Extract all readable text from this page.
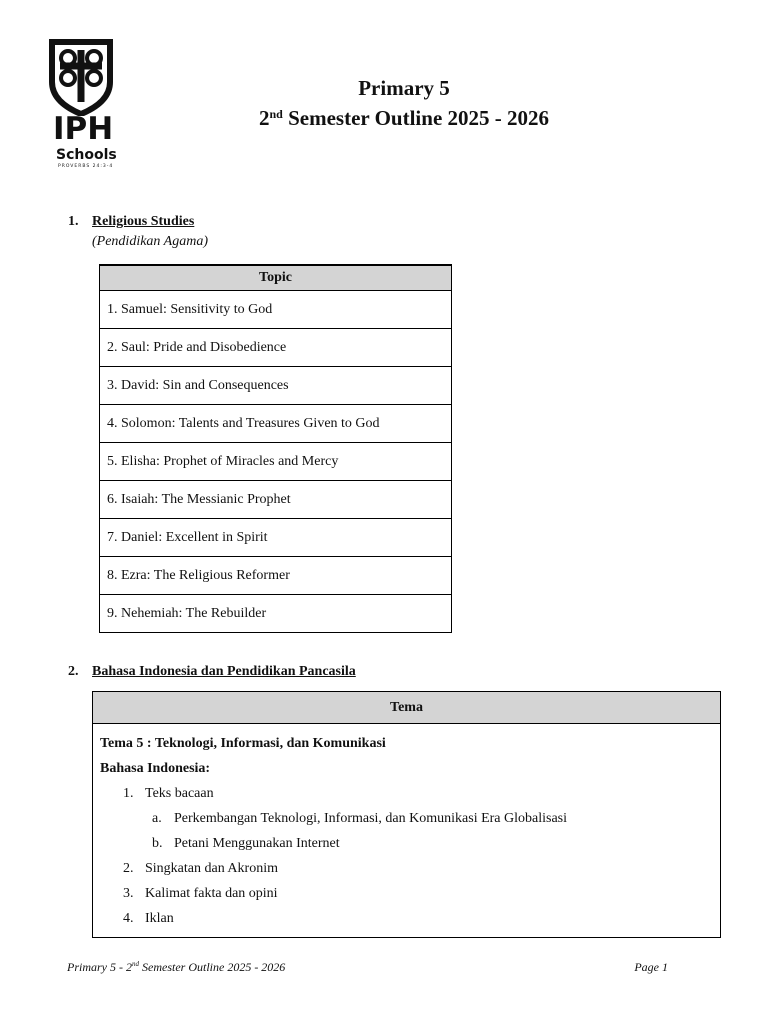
IPH
Schools
PROVERBS 24:3-4
Primary 5
2nd Semester Outline 2025 - 2026
1. Religious Studies
(Pendidikan Agama)
Topic
1. Samuel: Sensitivity to God
2. Saul: Pride and Disobedience
3. David: Sin and Consequences
4. Solomon: Talents and Treasures Given to God
5. Elisha: Prophet of Miracles and Mercy
6. Isaiah: The Messianic Prophet
7. Daniel: Excellent in Spirit
8. Ezra: The Religious Reformer
9. Nehemiah: The Rebuilder
2. Bahasa Indonesia dan Pendidikan Pancasila
Tema

Tema 5 : Teknologi, Informasi, dan Komunikasi
Bahasa Indonesia:
1. Teks bacaan
a. Perkembangan Teknologi, Informasi, dan Komunikasi Era Globalisasi
b. Petani Menggunakan Internet
2. Singkatan dan Akronim
3. Kalimat fakta dan opini
4. Iklan
Primary 5 - 2nd Semester Outline 2025 - 2026	Page 1
